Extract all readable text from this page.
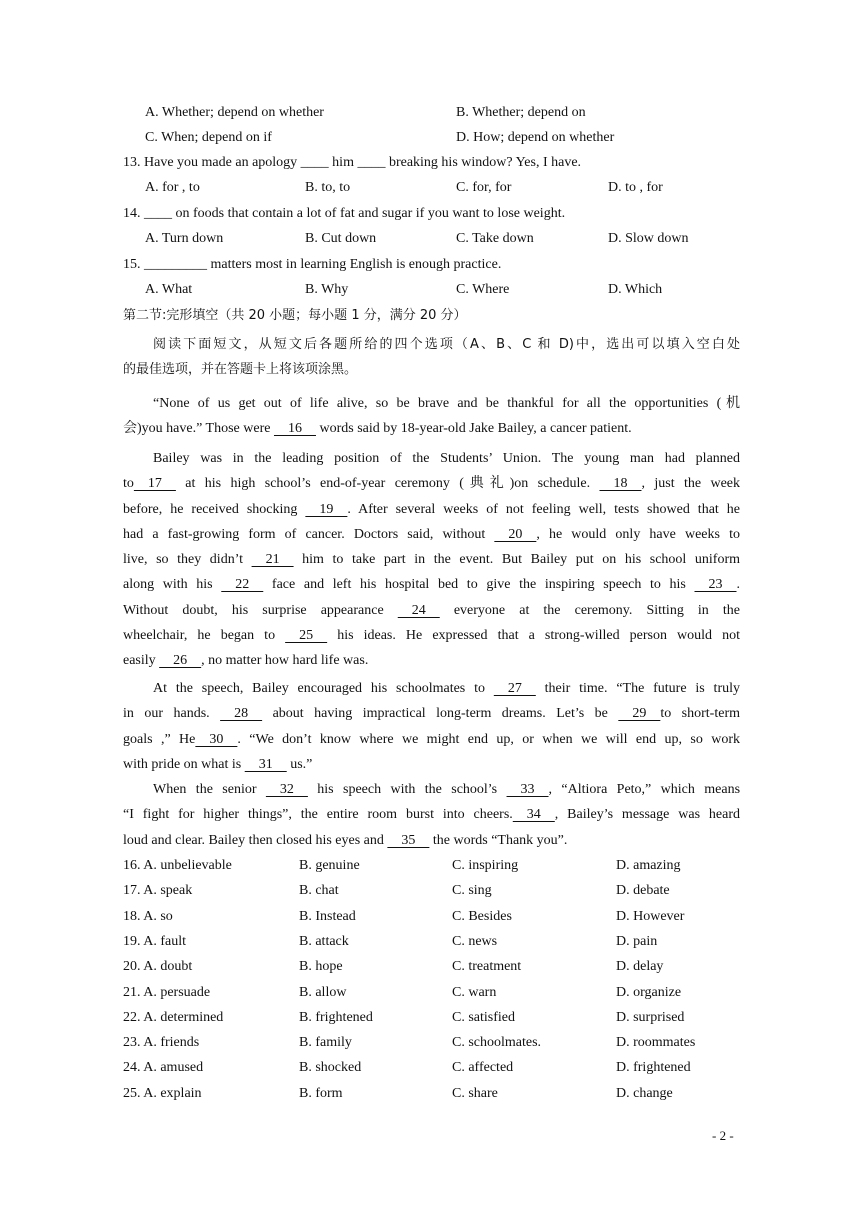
A. Whether; depend on whether	B. Whether; depend on
C. When; depend on if	D. How; depend on whether
13. Have you made an apology ____ him ____ breaking his window? Yes, I have.
A. for , to	B. to, to	C. for, for	D. to , for
14. ____ on foods that contain a lot of fat and sugar if you want to lose weight.
A. Turn down	B. Cut down	C. Take down	D. Slow down
15. _________ matters most in learning English is enough practice.
A. What	B. Why	C. Where	D. Which
第二节:完形填空（共 20 小题；每小题 1 分，满分 20 分）
阅读下面短文，从短文后各题所给的四个选项（A、B、C 和 D)中，选出可以填入空白处
的最佳选项，并在答题卡上将该项涂黑。
“None of us get out of life alive, so be brave and be thankful for all the opportunities (机
会)you have.” Those were   16   words said by 18-year-old Jake Bailey, a cancer patient.
Bailey was in the leading position of the Students’ Union. The young man had planned
to  17   at his high school’s end-of-year ceremony (典礼)on schedule.   18  , just the week
before, he received shocking   19  . After several weeks of not feeling well, tests showed that he
had a fast-growing form of cancer. Doctors said, without   20  , he would only have weeks to
live, so they didn’t   21   him to take part in the event. But Bailey put on his school uniform
along with his   22   face and left his hospital bed to give the inspiring speech to his   23  .
Without doubt, his surprise appearance   24   everyone at the ceremony. Sitting in the
wheelchair, he began to   25   his ideas. He expressed that a strong-willed person would not
easily   26  , no matter how hard life was.
At the speech, Bailey encouraged his schoolmates to   27   their time. “The future is truly
in our hands.   28   about having impractical long-term dreams. Let’s be   29  to short-term
goals ,” He  30  . “We don’t know where we might end up, or when we will end up, so work
with pride on what is   31   us.”
When the senior   32   his speech with the school’s   33  , “Altiora Peto,” which means
“I fight for higher things”, the entire room burst into cheers.  34  , Bailey’s message was heard
loud and clear. Bailey then closed his eyes and   35   the words “Thank you”.
16. A. unbelievable	B. genuine	C. inspiring	D. amazing
17. A. speak	B. chat	C. sing	D. debate
18. A. so	B. Instead	C. Besides	D. However
19. A. fault	B. attack	C. news	D. pain
20. A. doubt	B. hope	C. treatment	D. delay
21. A. persuade	B. allow	C. warn	D. organize
22. A. determined	B. frightened	C. satisfied	D. surprised
23. A. friends	B. family	C. schoolmates.	D. roommates
24. A. amused	B. shocked	C. affected	D. frightened
25. A. explain	B. form	C. share	D. change
- 2 -
